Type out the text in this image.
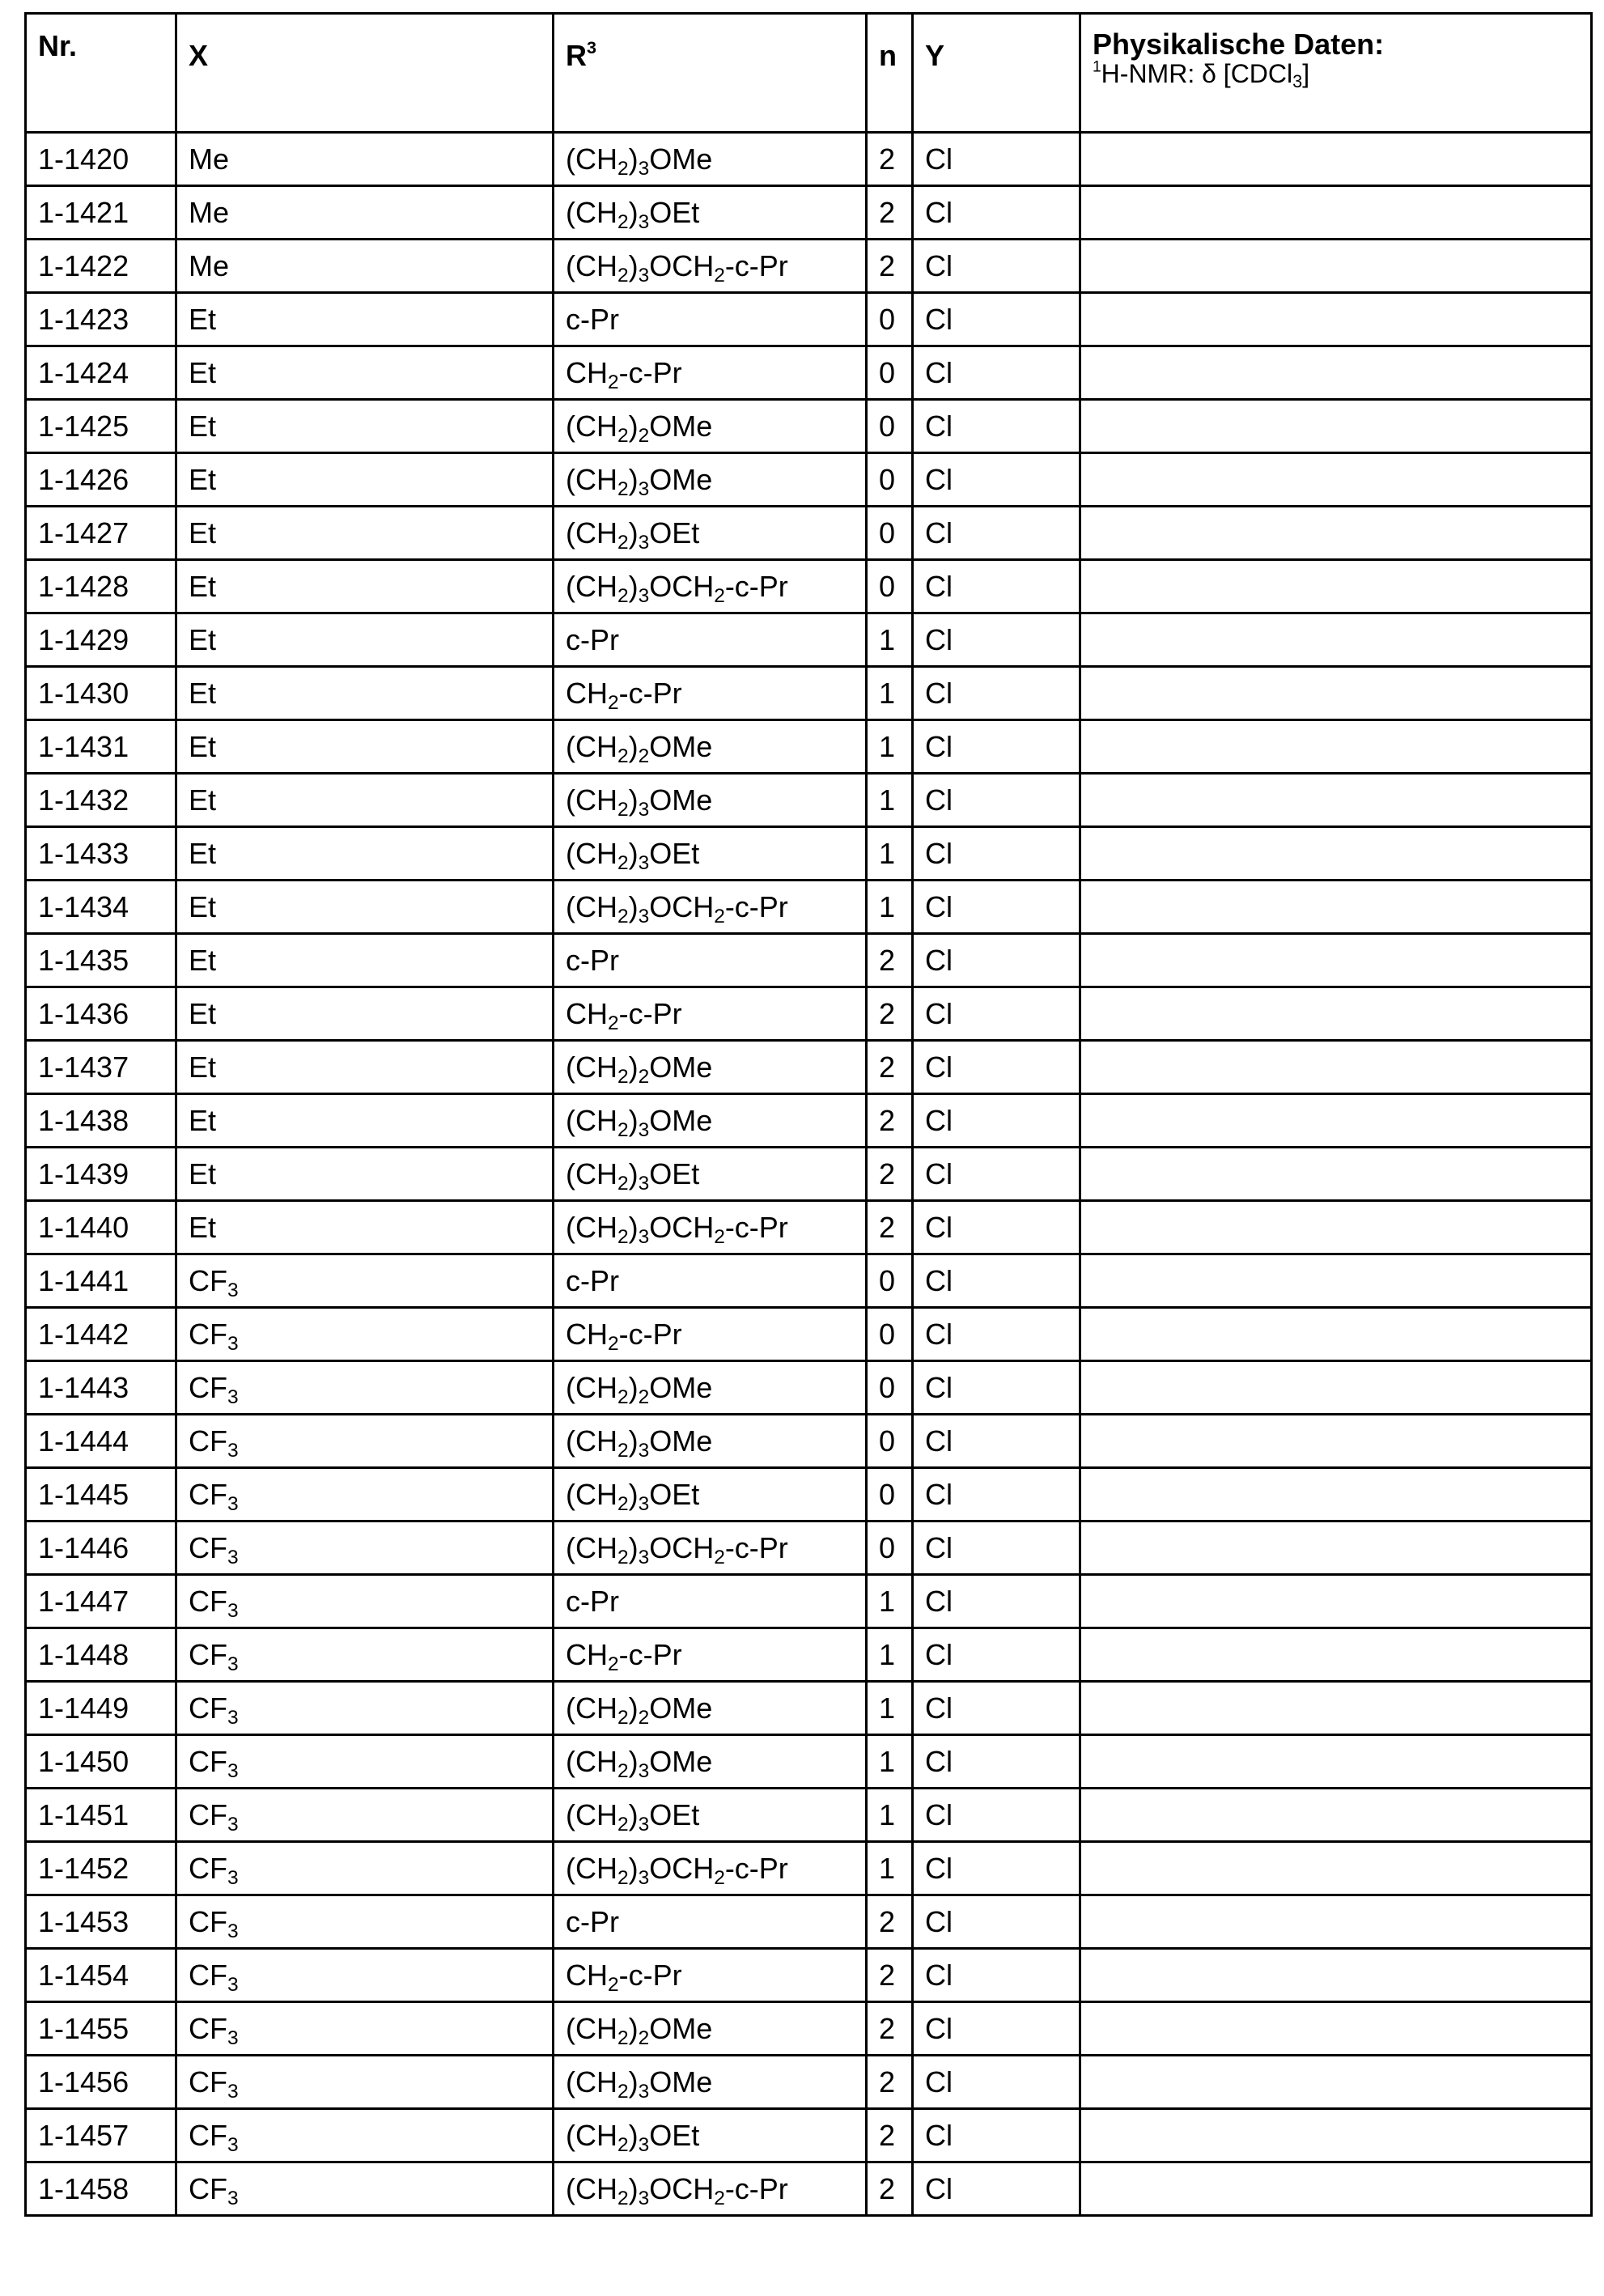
Nr.	X	$R^3$	n	Y	Physikalische Daten:
$^1$H-NMR: δ [CDCl$_3$]

1-1420	Me	$(CH_2)_3OMe$	2	Cl	
1-1421	Me	$(CH_2)_3OEt$	2	Cl	
1-1422	Me	$(CH_2)_3OCH_2-c-Pr$	2	Cl	
1-1423	Et	c-Pr	0	Cl	
1-1424	Et	$CH_2-c-Pr$	0	Cl	
1-1425	Et	$(CH_2)_2OMe$	0	Cl	
1-1426	Et	$(CH_2)_3OMe$	0	Cl	
1-1427	Et	$(CH_2)_3OEt$	0	Cl	
1-1428	Et	$(CH_2)_3OCH_2-c-Pr$	0	Cl	
1-1429	Et	c-Pr	1	Cl	
1-1430	Et	$CH_2-c-Pr$	1	Cl	
1-1431	Et	$(CH_2)_2OMe$	1	Cl	
1-1432	Et	$(CH_2)_3OMe$	1	Cl	
1-1433	Et	$(CH_2)_3OEt$	1	Cl	
1-1434	Et	$(CH_2)_3OCH_2-c-Pr$	1	Cl	
1-1435	Et	c-Pr	2	Cl	
1-1436	Et	$CH_2-c-Pr$	2	Cl	
1-1437	Et	$(CH_2)_2OMe$	2	Cl	
1-1438	Et	$(CH_2)_3OMe$	2	Cl	
1-1439	Et	$(CH_2)_3OEt$	2	Cl	
1-1440	Et	$(CH_2)_3OCH_2-c-Pr$	2	Cl	
1-1441	$CF_3$	c-Pr	0	Cl	
1-1442	$CF_3$	$CH_2-c-Pr$	0	Cl	
1-1443	$CF_3$	$(CH_2)_2OMe$	0	Cl	
1-1444	$CF_3$	$(CH_2)_3OMe$	0	Cl	
1-1445	$CF_3$	$(CH_2)_3OEt$	0	Cl	
1-1446	$CF_3$	$(CH_2)_3OCH_2-c-Pr$	0	Cl	
1-1447	$CF_3$	c-Pr	1	Cl	
1-1448	$CF_3$	$CH_2-c-Pr$	1	Cl	
1-1449	$CF_3$	$(CH_2)_2OMe$	1	Cl	
1-1450	$CF_3$	$(CH_2)_3OMe$	1	Cl	
1-1451	$CF_3$	$(CH_2)_3OEt$	1	Cl	
1-1452	$CF_3$	$(CH_2)_3OCH_2-c-Pr$	1	Cl	
1-1453	$CF_3$	c-Pr	2	Cl	
1-1454	$CF_3$	$CH_2-c-Pr$	2	Cl	
1-1455	$CF_3$	$(CH_2)_2OMe$	2	Cl	
1-1456	$CF_3$	$(CH_2)_3OMe$	2	Cl	
1-1457	$CF_3$	$(CH_2)_3OEt$	2	Cl	
1-1458	$CF_3$	$(CH_2)_3OCH_2-c-Pr$	2	Cl	
